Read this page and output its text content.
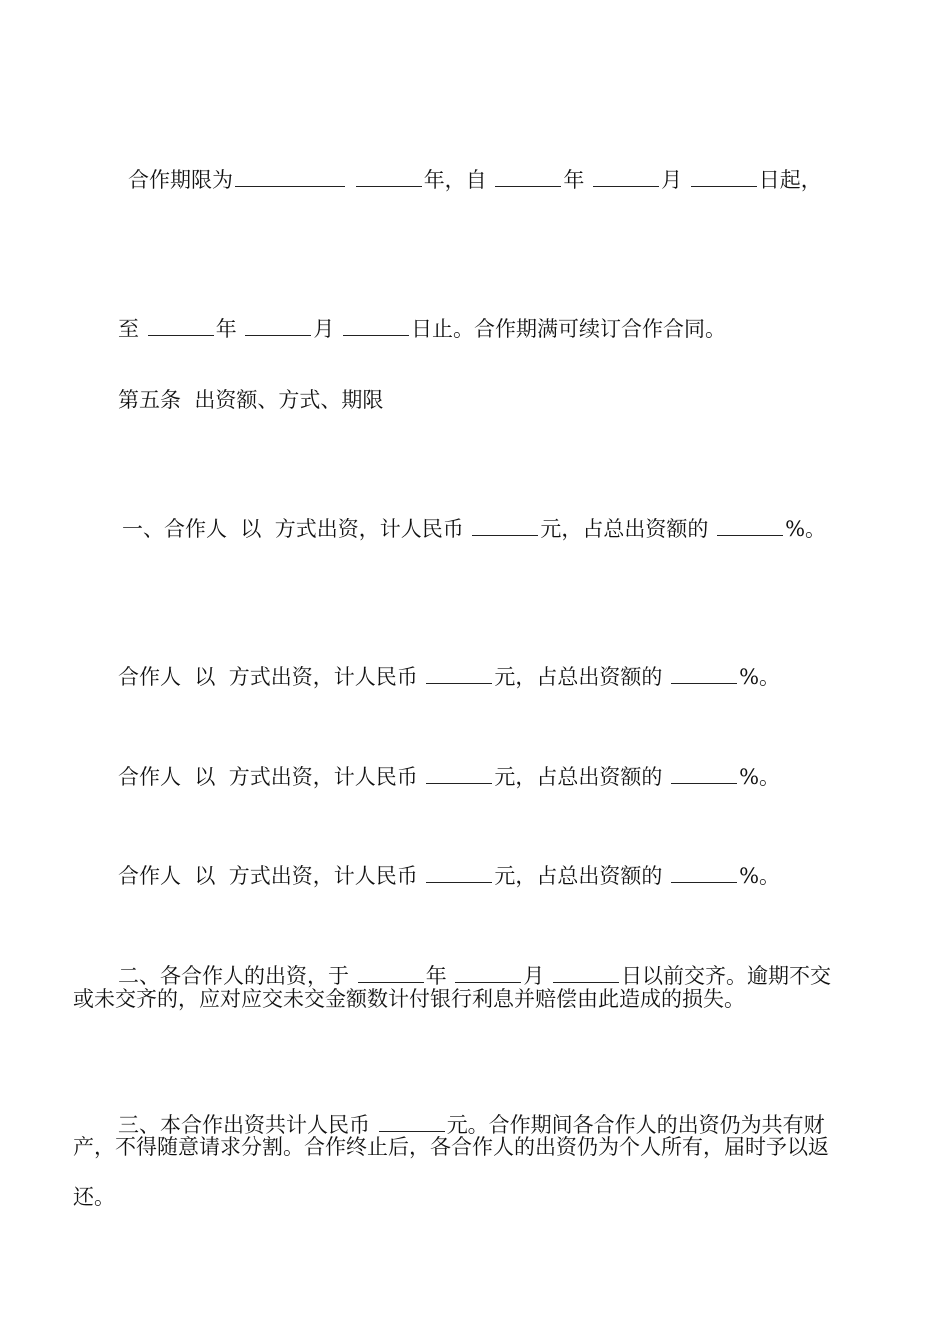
合作期限为	年，自	年	月	日起，

至	年	月	日止。合作期满可续订合作合同。

第五条  出资额、方式、期限

一、合作人 以 方式出资，计人民币	元，占总出资额的	%。

合作人 以 方式出资，计人民币	元，占总出资额的	%。

合作人 以 方式出资，计人民币	元，占总出资额的	%。

合作人 以 方式出资，计人民币	元，占总出资额的	%。

二、各合作人的出资，于	年	月	日以前交齐。逾期不交

或未交齐的，应对应交未交金额数计付银行利息并赔偿由此造成的损失。

三、本合作出资共计人民币	元。合作期间各合作人的出资仍为共有财

产，不得随意请求分割。合作终止后，各合作人的出资仍为个人所有，届时予以返
还。
